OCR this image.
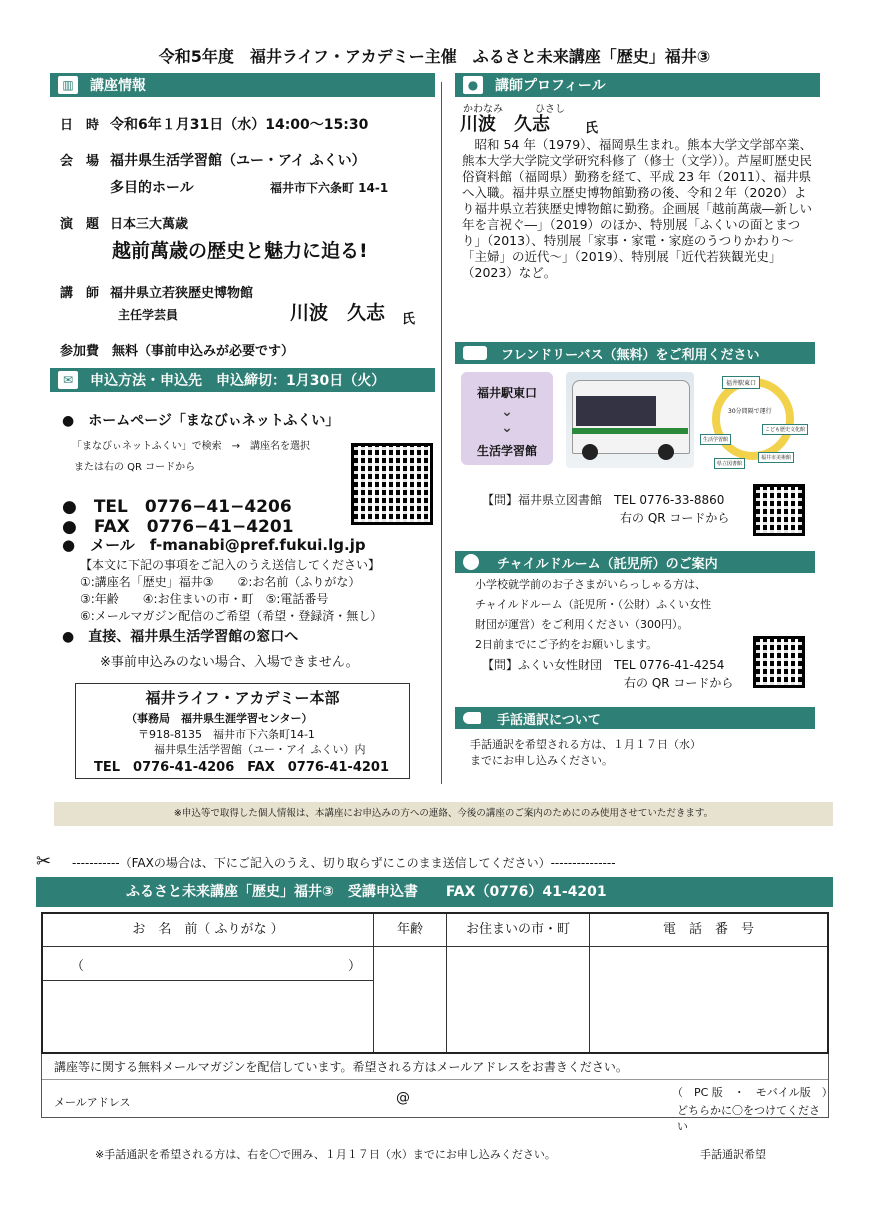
令和5年度　福井ライフ・アカデミー主催　ふるさと未来講座「歴史」福井③
▥	講座情報
日　時 令和6年１月31日（水）14:00～15:30
会　場 福井県生活学習館（ユー・アイ ふくい）
多目的ホール	福井市下六条町 14-1
演　題 日本三大萬歳
越前萬歳の歴史と魅力に迫る!
講　師 福井県立若狭歴史博物館
主任学芸員	川波　久志 氏
参加費 無料（事前申込みが必要です）
✉	申込方法・申込先　申込締切：1月30日（火）
●　ホームページ「まなびぃネットふくい」
「まなびぃネットふくい」で検索　→　講座名を選択
または右の QR コードから
●　TEL　0776−41−4206
●　FAX　0776−41−4201
●　メール　f-manabi@pref.fukui.lg.jp
【本文に下記の事項をご記入のうえ送信してください】
①:講座名「歴史」福井③　　②:お名前（ふりがな）
③:年齢　　④:お住まいの市・町　⑤:電話番号
⑥:メールマガジン配信のご希望（希望・登録済・無し）
●　直接、福井県生活学習館の窓口へ
※事前申込みのない場合、入場できません。
福井ライフ・アカデミー本部
（事務局　福井県生涯学習センター）
〒918-8135　福井市下六条町14-1
福井県生活学習館（ユー・アイ ふくい）内
TEL　0776-41-4206　FAX　0776-41-4201
●	講師プロフィール
かわなみ	ひさし
川波　久志	氏
昭和 54 年（1979）、福岡県生まれ。熊本大学文学部卒業、熊本大学大学院文学研究科修了（修士（文学））。芦屋町歴史民俗資料館（福岡県）勤務を経て、平成 23 年（2011）、福井県へ入職。福井県立歴史博物館勤務の後、令和２年（2020）より福井県立若狭歴史博物館に勤務。企画展「越前萬歳―新しい年を言祝ぐ―」（2019）のほか、特別展「ふくいの面とまつり」（2013）、特別展「家事・家電・家庭のうつりかわり～「主婦」の近代～」（2019）、特別展「近代若狭観光史」（2023）など。
フレンドリーバス（無料）をご利用ください
福井駅東口
⌄
⌄
生活学習館
福井駅東口
30分間隔で運行
こども歴史文化館
生活学習館
県立図書館
福井市美術館
【問】福井県立図書館　TEL 0776-33-8860
右の QR コードから
チャイルドルーム（託児所）のご案内
小学校就学前のお子さまがいらっしゃる方は、
チャイルドルーム（託児所・（公財）ふくい女性
財団が運営）をご利用ください（300円）。
2日前までにご予約をお願いします。
【問】ふくい女性財団　TEL 0776-41-4254
右の QR コードから
手話通訳について
手話通訳を希望される方は、１月１７日（水）
までにお申し込みください。
※申込等で取得した個人情報は、本講座にお申込みの方への連絡、今後の講座のご案内のためにのみ使用させていただきます。
✂ -----------（FAXの場合は、下にご記入のうえ、切り取らずにこのまま送信してください）---------------
ふるさと未来講座「歴史」福井③　受講申込書　　FAX（0776）41-4201
お　名　前（ ふりがな ）	年齢	お住まいの市・町	電　話　番　号
（	）
講座等に関する無料メールマガジンを配信しています。希望される方はメールアドレスをお書きください。
メールアドレス	@	（　PC 版　・　モバイル版　）
どちらかに〇をつけてください
※手話通訳を希望される方は、右を〇で囲み、１月１７日（水）までにお申し込みください。	手話通訳希望
